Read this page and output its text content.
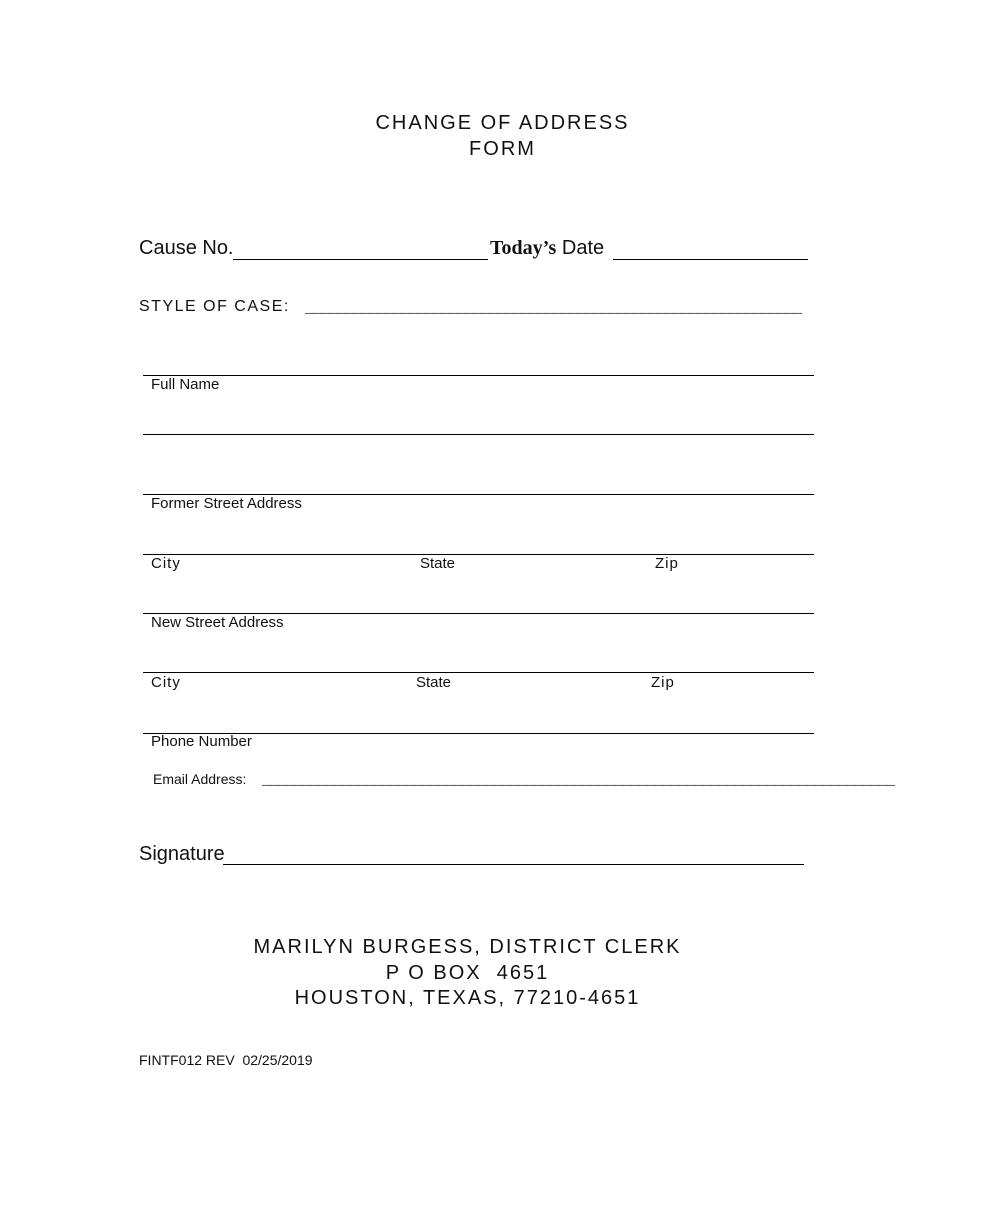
CHANGE OF ADDRESS
FORM
Cause No.	Today’s Date
STYLE OF CASE: ______________________________________________________________
Full Name
Former Street Address
City	State	Zip
New Street Address
City	State	Zip
Phone Number
Email Address: _______________________________________________________________________________
Signature
MARILYN BURGESS, DISTRICT CLERK
P O BOX  4651
HOUSTON, TEXAS, 77210-4651
FINTF012 REV  02/25/2019
